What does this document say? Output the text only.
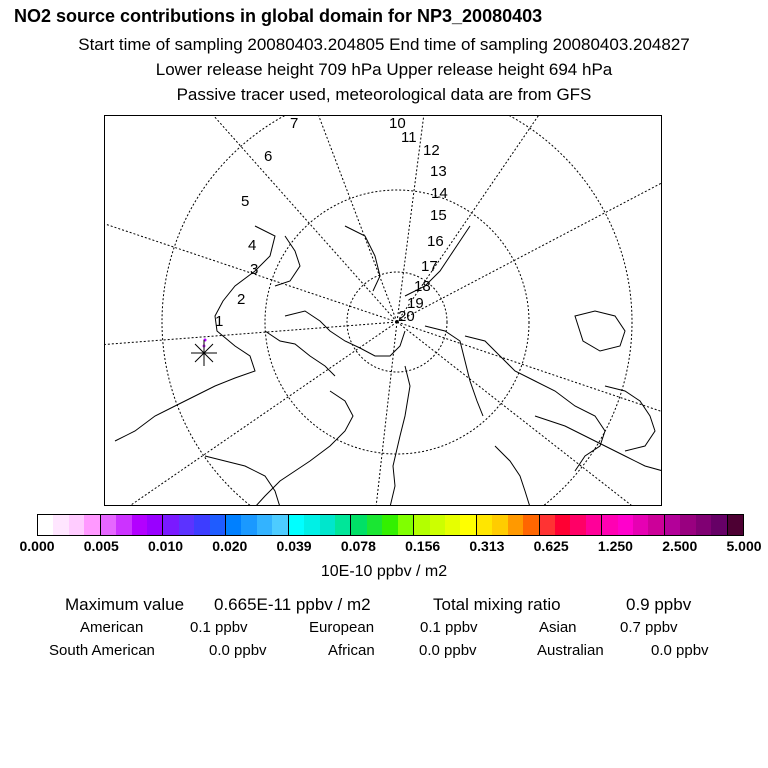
NO2 source contributions in global domain for NP3_20080403
Start time of sampling 20080403.204805 End time of sampling 20080403.204827
Lower release height 709 hPa Upper release height 694 hPa
Passive tracer used, meteorological data are from GFS
1
2
3
4
5
6
7	10
11
12
13
14
15
16
17
18
19
20
0.000 0.005 0.010 0.020 0.039 0.078 0.156 0.313 0.625 1.250 2.500 5.000
10E-10 ppbv / m2
Maximum value 0.665E-11 ppbv / m2	Total mixing ratio	0.9 ppbv
American	0.1 ppbv	European	0.1 ppbv	Asian	0.7 ppbv
South American	0.0 ppbv	African	0.0 ppbv	Australian	0.0 ppbv
